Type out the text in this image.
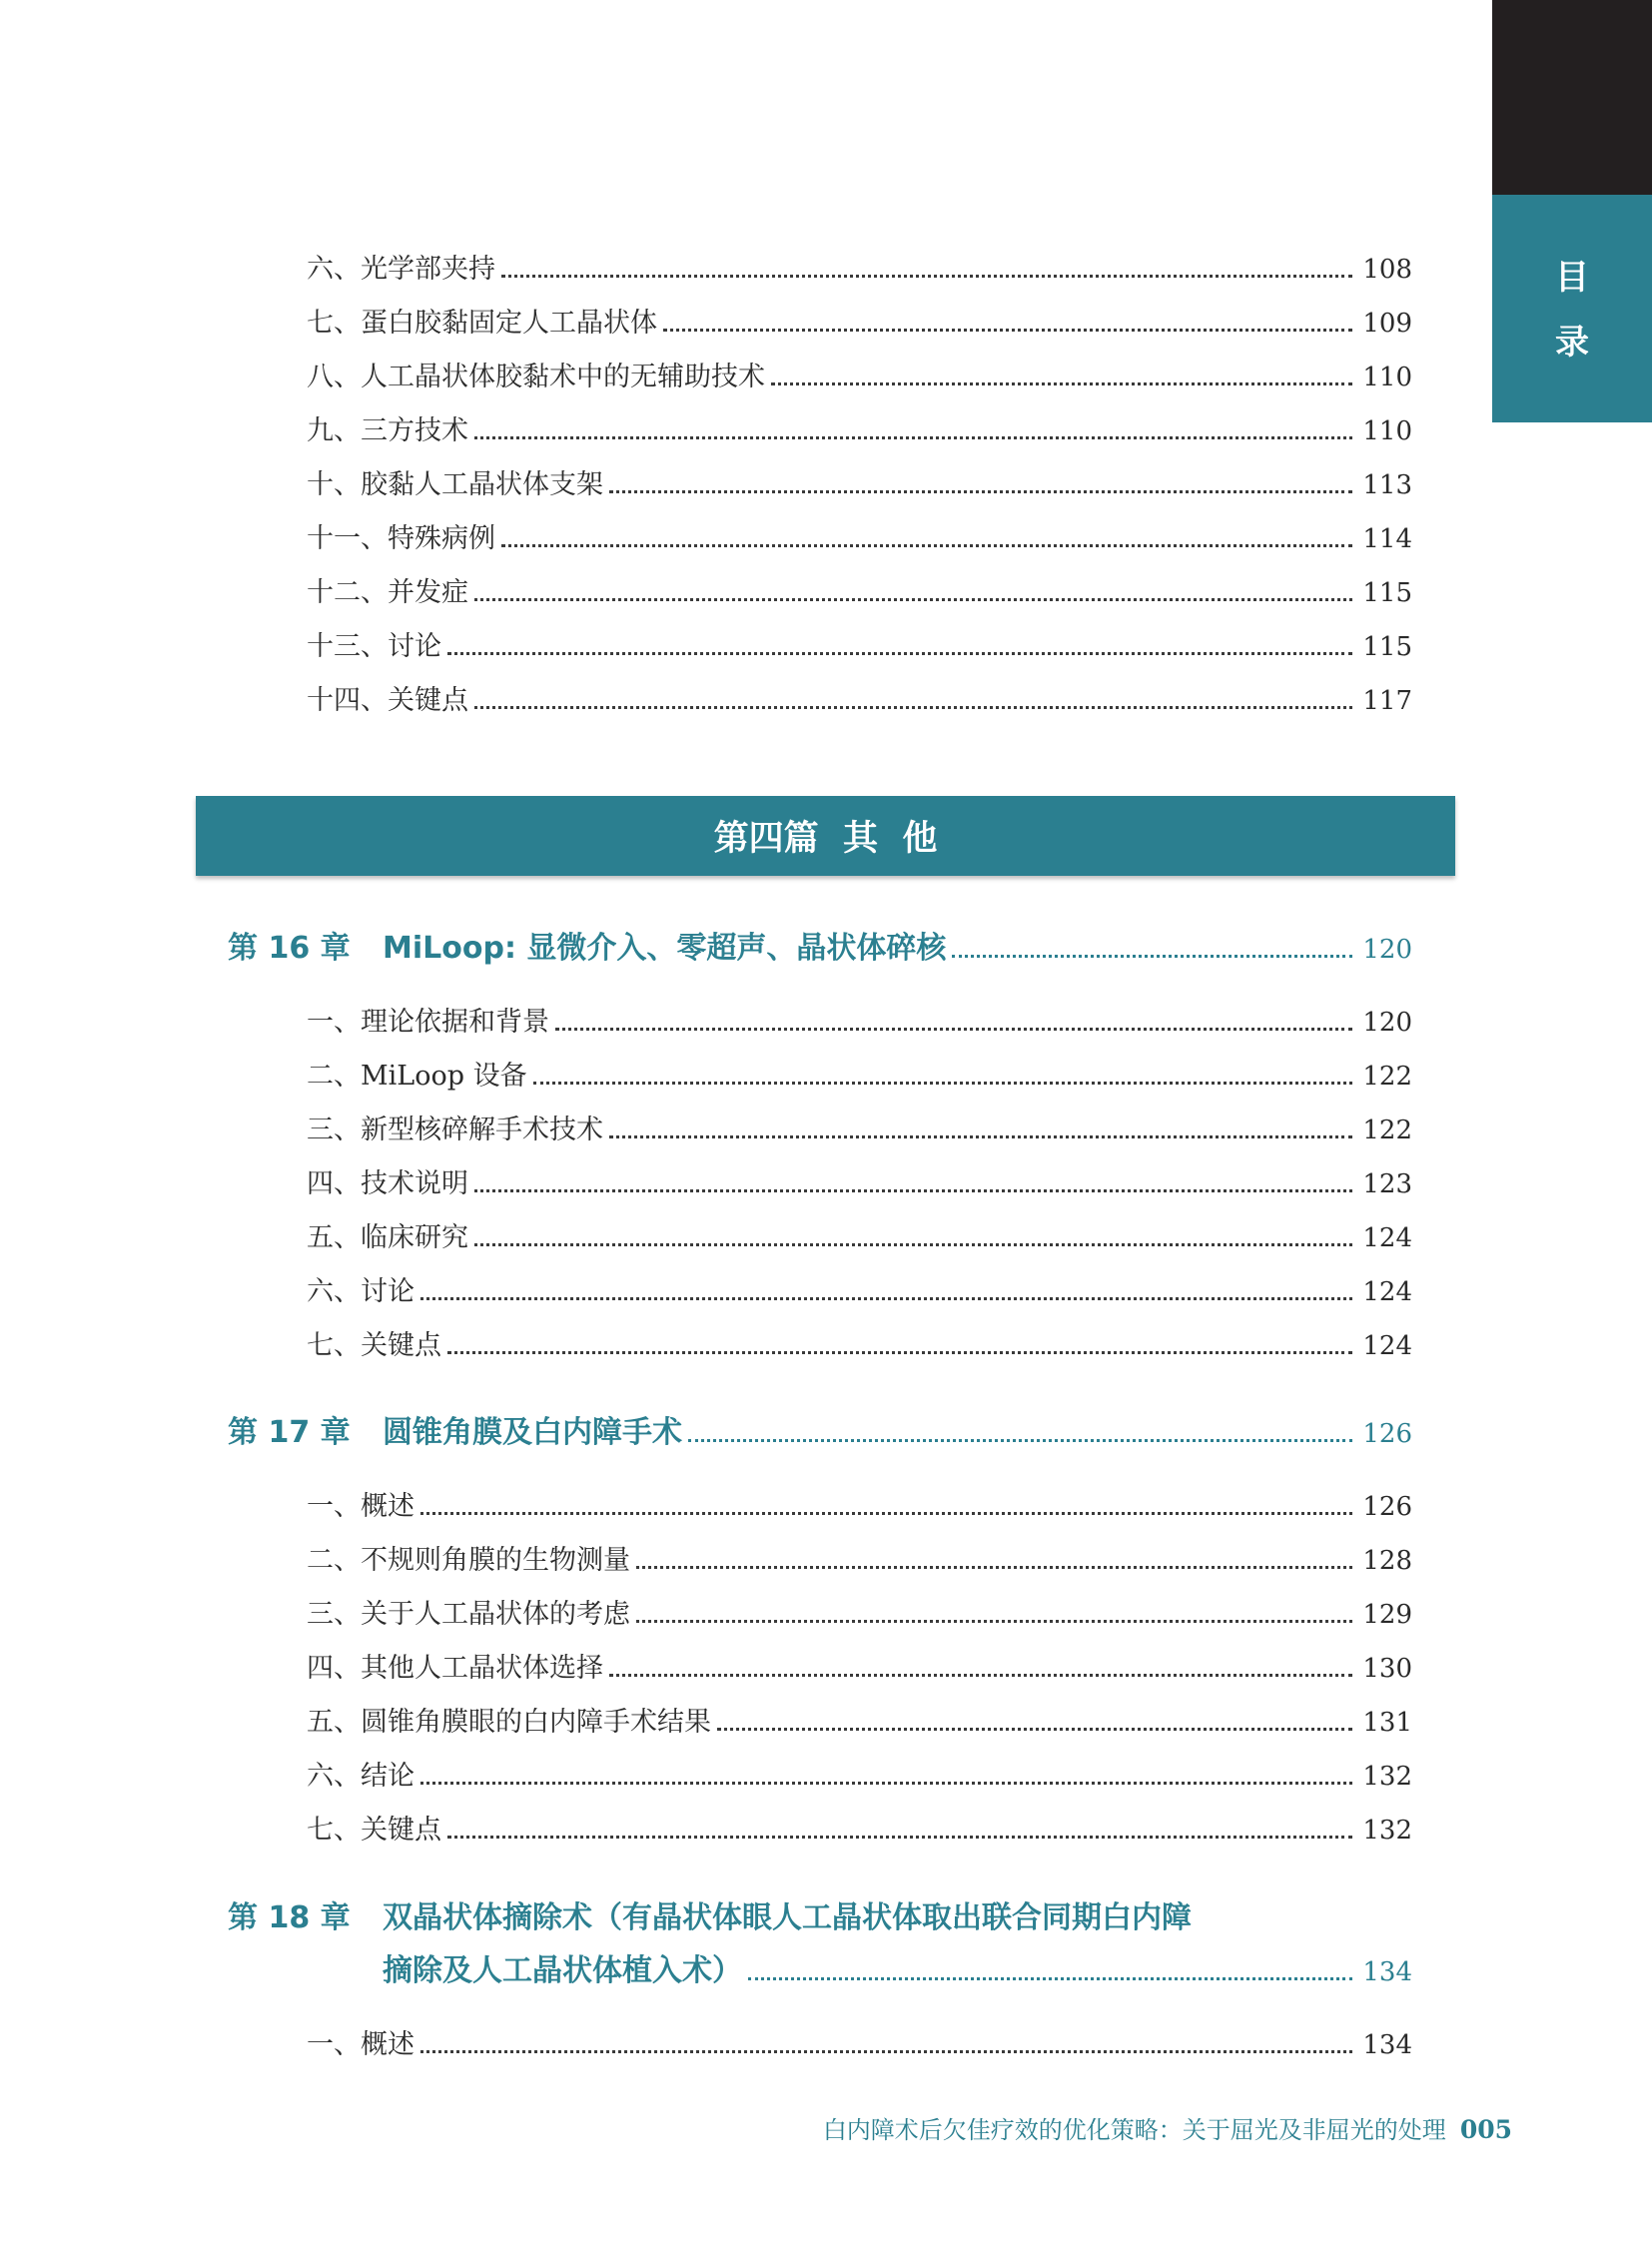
目
录
六、光学部夹持	108
七、蛋白胶黏固定人工晶状体	109
八、人工晶状体胶黏术中的无辅助技术	110
九、三方技术	110
十、胶黏人工晶状体支架	113
十一、特殊病例	114
十二、并发症	115
十三、讨论	115
十四、关键点	117
第四篇  其  他
第 16 章	MiLoop: 显微介入、零超声、晶状体碎核	120
一、理论依据和背景	120
二、MiLoop 设备	122
三、新型核碎解手术技术	122
四、技术说明	123
五、临床研究	124
六、讨论	124
七、关键点	124
第 17 章	圆锥角膜及白内障手术	126
一、概述	126
二、不规则角膜的生物测量	128
三、关于人工晶状体的考虑	129
四、其他人工晶状体选择	130
五、圆锥角膜眼的白内障手术结果	131
六、结论	132
七、关键点	132
第 18 章 双晶状体摘除术（有晶状体眼人工晶状体取出联合同期白内障
摘除及人工晶状体植入术）	134
一、概述	134
白内障术后欠佳疗效的优化策略：关于屈光及非屈光的处理 005
